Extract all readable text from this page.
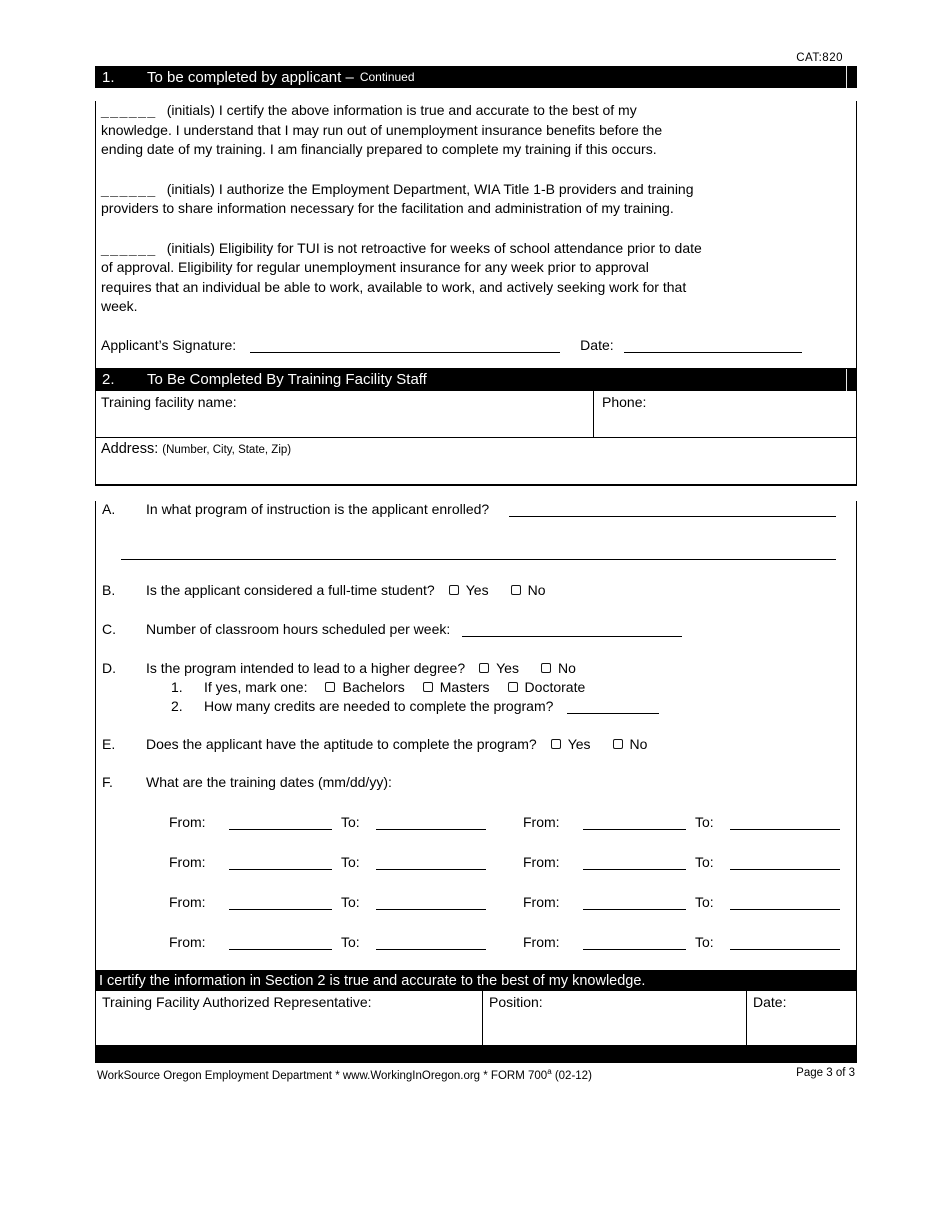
CAT:820
1.	To be completed by applicant – Continued
______ (initials) I certify the above information is true and accurate to the best of my
knowledge. I understand that I may run out of unemployment insurance benefits before the
ending date of my training. I am financially prepared to complete my training if this occurs.
______ (initials) I authorize the Employment Department, WIA Title 1-B providers and training
providers to share information necessary for the facilitation and administration of my training.
______ (initials) Eligibility for TUI is not retroactive for weeks of school attendance prior to date
of approval. Eligibility for regular unemployment insurance for any week prior to approval
requires that an individual be able to work, available to work, and actively seeking work for that
week.
Applicant’s Signature:	Date:
2.	To Be Completed By Training Facility Staff
Training facility name:	Phone:
Address: (Number, City, State, Zip)
A.	In what program of instruction is the applicant enrolled?
B.	Is the applicant considered a full-time student? Yes	No
C.	Number of classroom hours scheduled per week:
D.	Is the program intended to lead to a higher degree? Yes	No
1.	If yes, mark one:	Bachelors	Masters	Doctorate
2.	How many credits are needed to complete the program?
E.	Does the applicant have the aptitude to complete the program? Yes	No
F.	What are the training dates (mm/dd/yy):
From:	To:	From:	To:
From:	To:	From:	To:
From:	To:	From:	To:
From:	To:	From:	To:
I certify the information in Section 2 is true and accurate to the best of my knowledge.
Training Facility Authorized Representative:	Position:	Date:
WorkSource Oregon Employment Department * www.WorkingInOregon.org * FORM 700$^a$ (02-12)	Page 3 of 3
